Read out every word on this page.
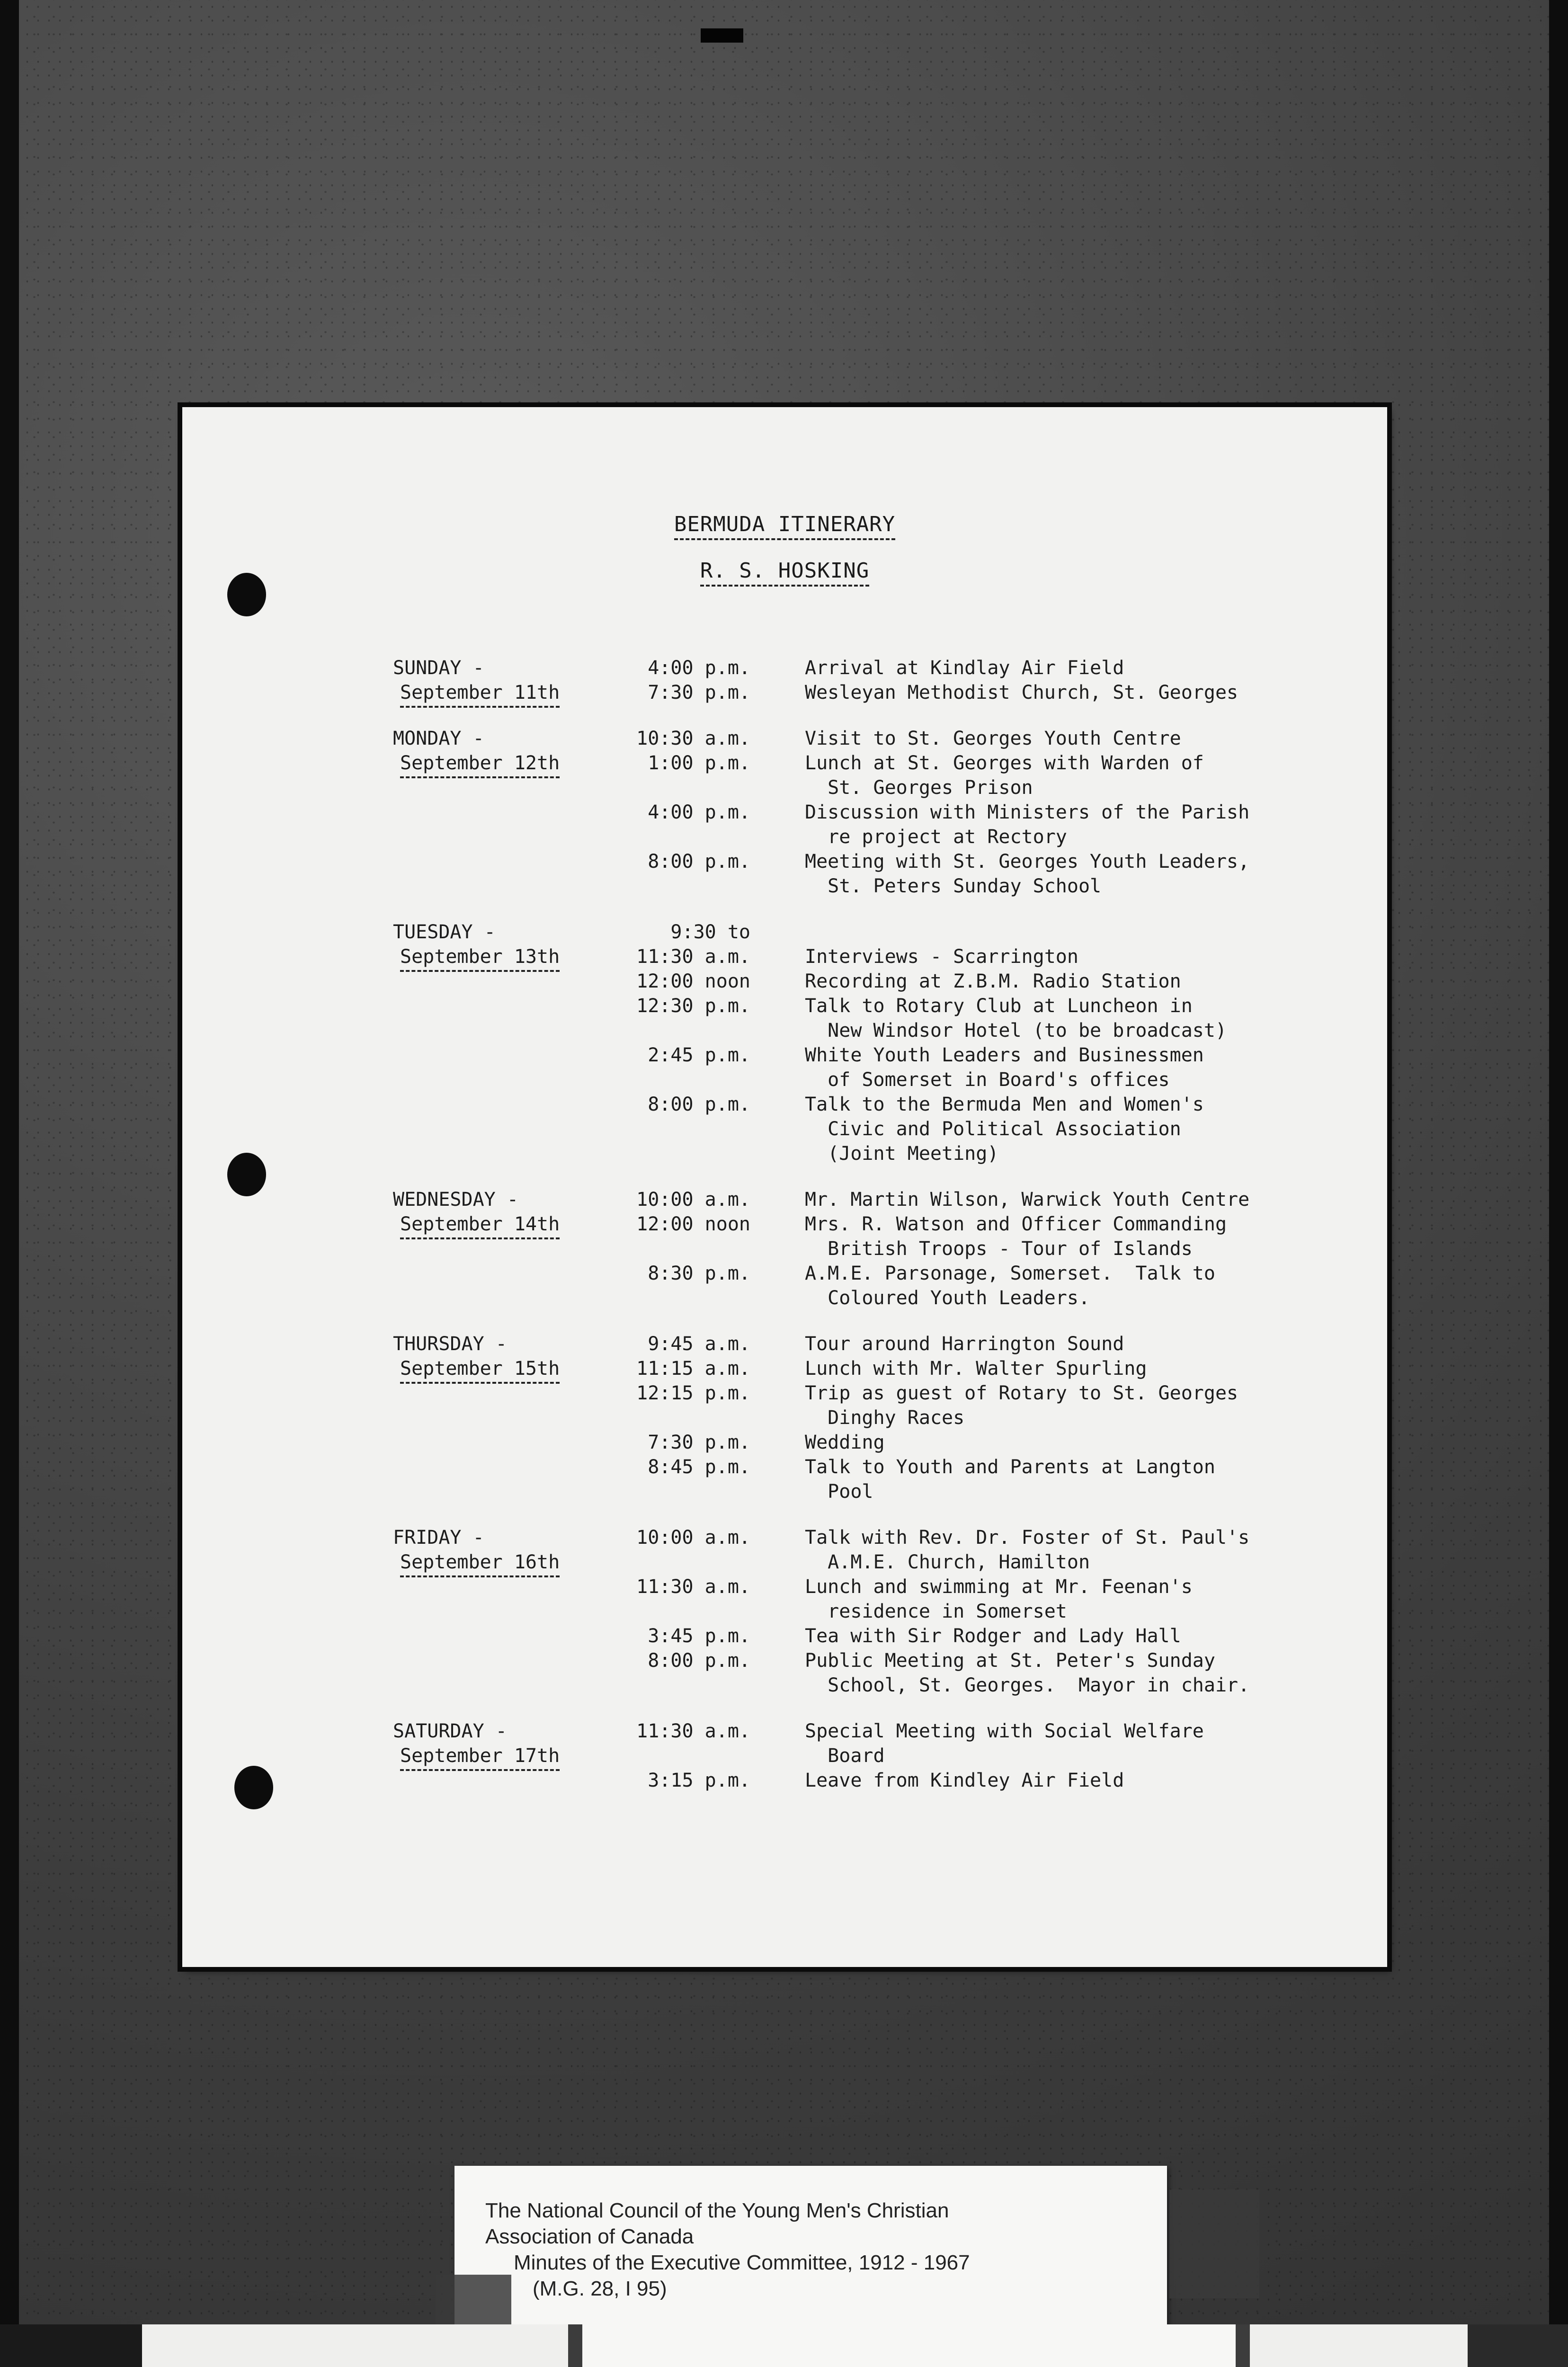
BERMUDA ITINERARY
R. S. HOSKING
SUNDAY -
September 11th
4:00 p.m.	Arrival at Kindlay Air Field
7:30 p.m.	Wesleyan Methodist Church, St. Georges
MONDAY -
September 12th
10:30 a.m.	Visit to St. Georges Youth Centre
1:00 p.m.	Lunch at St. Georges with Warden of
St. Georges Prison
4:00 p.m.	Discussion with Ministers of the Parish
re project at Rectory
8:00 p.m.	Meeting with St. Georges Youth Leaders,
St. Peters Sunday School
TUESDAY -
September 13th
9:30 to
11:30 a.m.	Interviews - Scarrington
12:00 noon	Recording at Z.B.M. Radio Station
12:30 p.m.	Talk to Rotary Club at Luncheon in
New Windsor Hotel (to be broadcast)
2:45 p.m.	White Youth Leaders and Businessmen
of Somerset in Board's offices
8:00 p.m.	Talk to the Bermuda Men and Women's
Civic and Political Association
(Joint Meeting)
WEDNESDAY -
September 14th
10:00 a.m.	Mr. Martin Wilson, Warwick Youth Centre
12:00 noon	Mrs. R. Watson and Officer Commanding
British Troops - Tour of Islands
8:30 p.m.	A.M.E. Parsonage, Somerset.  Talk to
Coloured Youth Leaders.
THURSDAY -
September 15th
9:45 a.m.	Tour around Harrington Sound
11:15 a.m.	Lunch with Mr. Walter Spurling
12:15 p.m.	Trip as guest of Rotary to St. Georges
Dinghy Races
7:30 p.m.	Wedding
8:45 p.m.	Talk to Youth and Parents at Langton
Pool
FRIDAY -
September 16th
10:00 a.m.	Talk with Rev. Dr. Foster of St. Paul's
A.M.E. Church, Hamilton
11:30 a.m.	Lunch and swimming at Mr. Feenan's
residence in Somerset
3:45 p.m.	Tea with Sir Rodger and Lady Hall
8:00 p.m.	Public Meeting at St. Peter's Sunday
School, St. Georges.  Mayor in chair.
SATURDAY -
September 17th
11:30 a.m.	Special Meeting with Social Welfare
Board
3:15 p.m.	Leave from Kindley Air Field
The National Council of the Young Men's Christian
Association of Canada
Minutes of the Executive Committee, 1912 - 1967
(M.G. 28, I 95)
